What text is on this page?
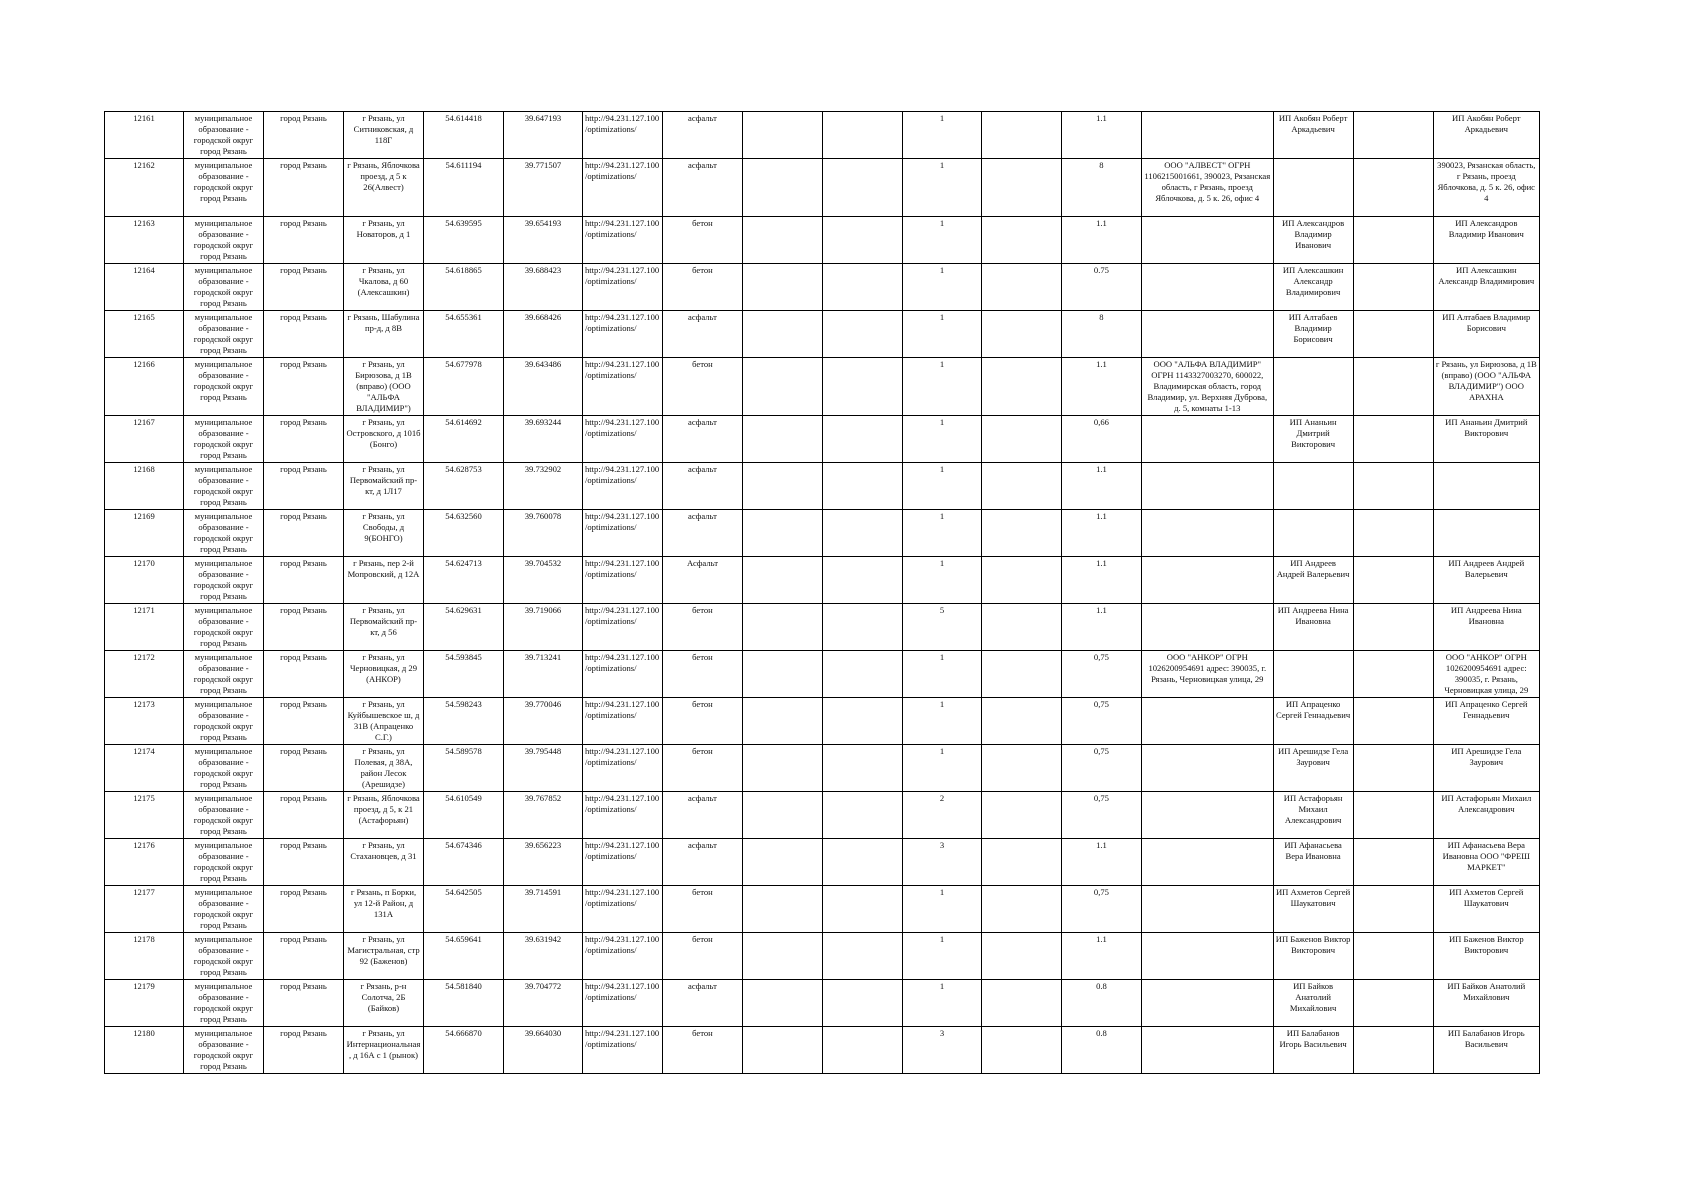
12161	муниципальное образование - городской округ город Рязань	город Рязань	г Рязань, ул Ситниковская, д 118Г	54.614418	39.647193	http://94.231.127.100/optimizations/	асфальт			1		1.1		ИП Акобян Роберт Аркадьевич		ИП Акобян Роберт Аркадьевич
12162	муниципальное образование - городской округ город Рязань	город Рязань	г Рязань, Яблочкова проезд, д 5 к 26(Алвест)	54.611194	39.771507	http://94.231.127.100/optimizations/	асфальт			1		8	ООО "АЛВЕСТ" ОГРН 1106215001661, 390023, Рязанская область, г Рязань, проезд Яблочкова, д. 5 к. 26, офис 4			390023, Рязанская область, г Рязань, проезд Яблочкова, д. 5 к. 26, офис 4
12163	муниципальное образование - городской округ город Рязань	город Рязань	г Рязань, ул Новаторов, д 1	54.639595	39.654193	http://94.231.127.100/optimizations/	бетон			1		1.1		ИП Александров Владимир Иванович		ИП Александров Владимир Иванович
12164	муниципальное образование - городской округ город Рязань	город Рязань	г Рязань, ул Чкалова, д 60 (Алексашкин)	54.618865	39.688423	http://94.231.127.100/optimizations/	бетон			1		0.75		ИП Алексашкин Александр Владимирович		ИП Алексашкин Александр Владимирович
12165	муниципальное образование - городской округ город Рязань	город Рязань	г Рязань, Шабулина пр-д, д 8В	54.655361	39.668426	http://94.231.127.100/optimizations/	асфальт			1		8		ИП Алтабаев Владимир Борисович		ИП Алтабаев Владимир Борисович
12166	муниципальное образование - городской округ город Рязань	город Рязань	г Рязань, ул Бирюзова, д 1В (вправо) (ООО "АЛЬФА ВЛАДИМИР")	54.677978	39.643486	http://94.231.127.100/optimizations/	бетон			1		1.1	ООО "АЛЬФА ВЛАДИМИР" ОГРН 1143327003270, 600022, Владимирская область, город Владимир, ул. Верхняя Дуброва, д. 5, комнаты 1-13			г Рязань, ул Бирюзова, д 1В (вправо) (ООО "АЛЬФА ВЛАДИМИР") ООО АРАХНА
12167	муниципальное образование - городской округ город Рязань	город Рязань	г Рязань, ул Островского, д 101б (Бонго)	54.614692	39.693244	http://94.231.127.100/optimizations/	асфальт			1		0,66		ИП Ананьин Дмитрий Викторович		ИП Ананьин Дмитрий Викторович
12168	муниципальное образование - городской округ город Рязань	город Рязань	г Рязань, ул Первомайский пр-кт, д 1Л17	54.628753	39.732902	http://94.231.127.100/optimizations/	асфальт			1		1.1				
12169	муниципальное образование - городской округ город Рязань	город Рязань	г Рязань, ул Свободы, д 9(БОНГО)	54.632560	39.760078	http://94.231.127.100/optimizations/	асфальт			1		1.1				
12170	муниципальное образование - городской округ город Рязань	город Рязань	г Рязань, пер 2-й Мопровский, д 12А	54.624713	39.704532	http://94.231.127.100/optimizations/	Асфальт			1		1.1		ИП Андреев Андрей Валерьевич		ИП Андреев Андрей Валерьевич
12171	муниципальное образование - городской округ город Рязань	город Рязань	г Рязань, ул Первомайский пр-кт, д 56	54.629631	39.719066	http://94.231.127.100/optimizations/	бетон			5		1.1		ИП Андреева Нина Ивановна		ИП Андреева Нина Ивановна
12172	муниципальное образование - городской округ город Рязань	город Рязань	г Рязань, ул Черновицкая, д 29 (АНКОР)	54.593845	39.713241	http://94.231.127.100/optimizations/	бетон			1		0,75	ООО "АНКОР" ОГРН 1026200954691 адрес: 390035, г. Рязань, Черновицкая улица, 29			ООО "АНКОР" ОГРН 1026200954691 адрес: 390035, г. Рязань, Черновицкая улица, 29
12173	муниципальное образование - городской округ город Рязань	город Рязань	г Рязань, ул Куйбышевское ш, д 31В (Апраценко С.Г.)	54.598243	39.770046	http://94.231.127.100/optimizations/	бетон			1		0,75		ИП Апраценко Сергей Геннадьевич		ИП Апраценко Сергей Геннадьевич
12174	муниципальное образование - городской округ город Рязань	город Рязань	г Рязань, ул Полевая, д 38А, район Лесок (Арешидзе)	54.589578	39.795448	http://94.231.127.100/optimizations/	бетон			1		0,75		ИП Арешидзе Гела Заурович		ИП Арешидзе Гела Заурович
12175	муниципальное образование - городской округ город Рязань	город Рязань	г Рязань, Яблочкова проезд, д 5, к 21 (Астафорьян)	54.610549	39.767852	http://94.231.127.100/optimizations/	асфальт			2		0,75		ИП Астафорьян Михаил Александрович		ИП Астафорьян Михаил Александрович
12176	муниципальное образование - городской округ город Рязань	город Рязань	г Рязань, ул Стахановцев, д 31	54.674346	39.656223	http://94.231.127.100/optimizations/	асфальт			3		1.1		ИП Афанасьева Вера Ивановна		ИП Афанасьева Вера Ивановна ООО "ФРЕШ МАРКЕТ"
12177	муниципальное образование - городской округ город Рязань	город Рязань	г Рязань, п Борки, ул 12-й Район, д 131А	54.642505	39.714591	http://94.231.127.100/optimizations/	бетон			1		0,75		ИП Ахметов Сергей Шаукатович		ИП Ахметов Сергей Шаукатович
12178	муниципальное образование - городской округ город Рязань	город Рязань	г Рязань, ул Магистральная, стр 92 (Баженов)	54.659641	39.631942	http://94.231.127.100/optimizations/	бетон			1		1.1		ИП Баженов Виктор Викторович		ИП Баженов Виктор Викторович
12179	муниципальное образование - городской округ город Рязань	город Рязань	г Рязань, р-н Солотча, 2Б (Байков)	54.581840	39.704772	http://94.231.127.100/optimizations/	асфальт			1		0.8		ИП Байков Анатолий Михайлович		ИП Байков Анатолий Михайлович
12180	муниципальное образование - городской округ город Рязань	город Рязань	г Рязань, ул Интернациональная, д 16А с 1 (рынок)	54.666870	39.664030	http://94.231.127.100/optimizations/	бетон			3		0.8		ИП Балабанов Игорь Васильевич		ИП Балабанов Игорь Васильевич
